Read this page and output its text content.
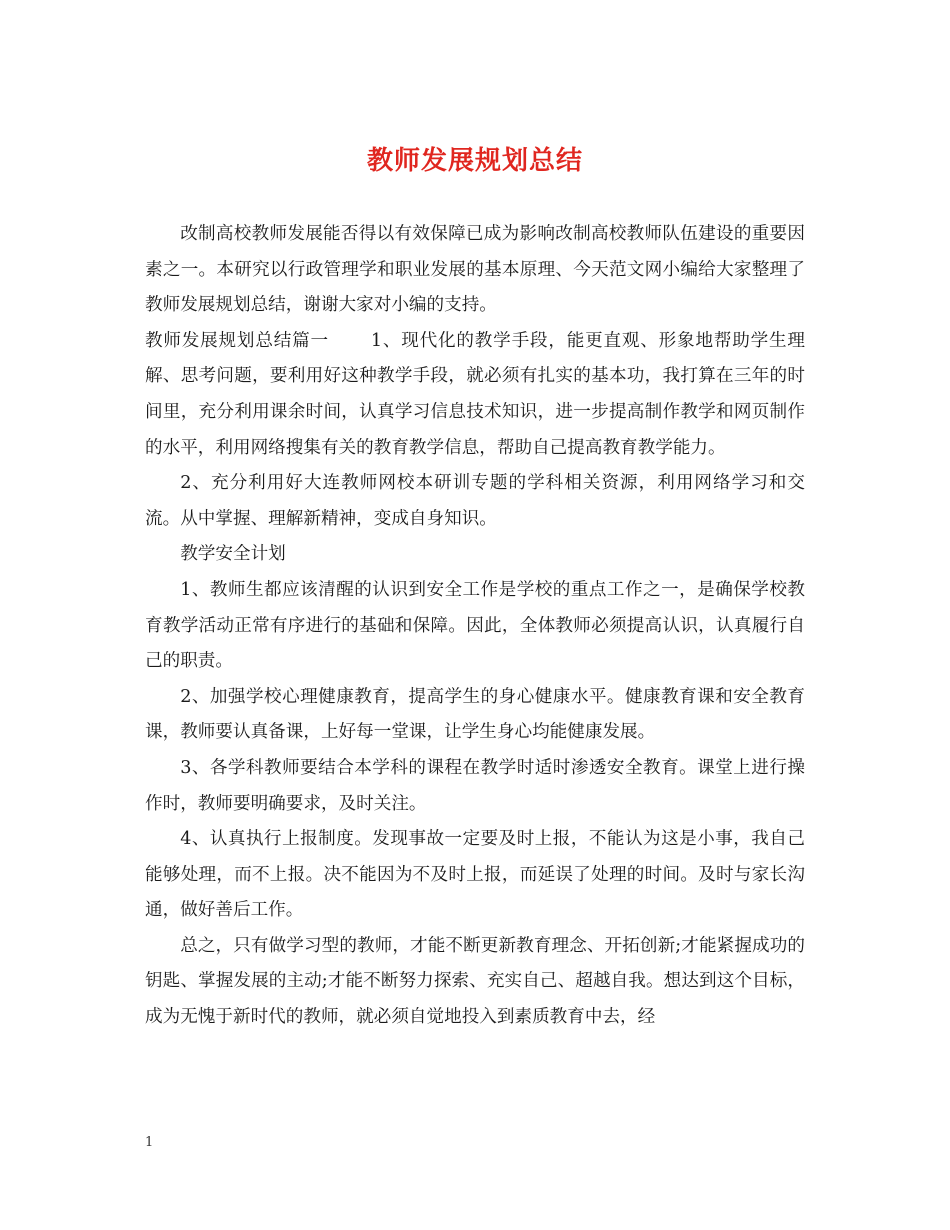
教师发展规划总结

改制高校教师发展能否得以有效保障已成为影响改制高校教师队伍建设的重要因素之一。本研究以行政管理学和职业发展的基本原理、今天范文网小编给大家整理了教师发展规划总结，谢谢大家对小编的支持。

教师发展规划总结篇一 1、现代化的教学手段，能更直观、形象地帮助学生理解、思考问题，要利用好这种教学手段，就必须有扎实的基本功，我打算在三年的时间里，充分利用课余时间，认真学习信息技术知识，进一步提高制作教学和网页制作的水平，利用网络搜集有关的教育教学信息，帮助自己提高教育教学能力。

2、充分利用好大连教师网校本研训专题的学科相关资源，利用网络学习和交流。从中掌握、理解新精神，变成自身知识。

教学安全计划

1、教师生都应该清醒的认识到安全工作是学校的重点工作之一，是确保学校教育教学活动正常有序进行的基础和保障。因此，全体教师必须提高认识，认真履行自己的职责。

2、加强学校心理健康教育，提高学生的身心健康水平。健康教育课和安全教育课，教师要认真备课，上好每一堂课，让学生身心均能健康发展。

3、各学科教师要结合本学科的课程在教学时适时渗透安全教育。课堂上进行操作时，教师要明确要求，及时关注。

4、认真执行上报制度。发现事故一定要及时上报，不能认为这是小事，我自己能够处理，而不上报。决不能因为不及时上报，而延误了处理的时间。及时与家长沟通，做好善后工作。

总之，只有做学习型的教师，才能不断更新教育理念、开拓创新;才能紧握成功的钥匙、掌握发展的主动;才能不断努力探索、充实自己、超越自我。想达到这个目标，成为无愧于新时代的教师，就必须自觉地投入到素质教育中去，经

1
